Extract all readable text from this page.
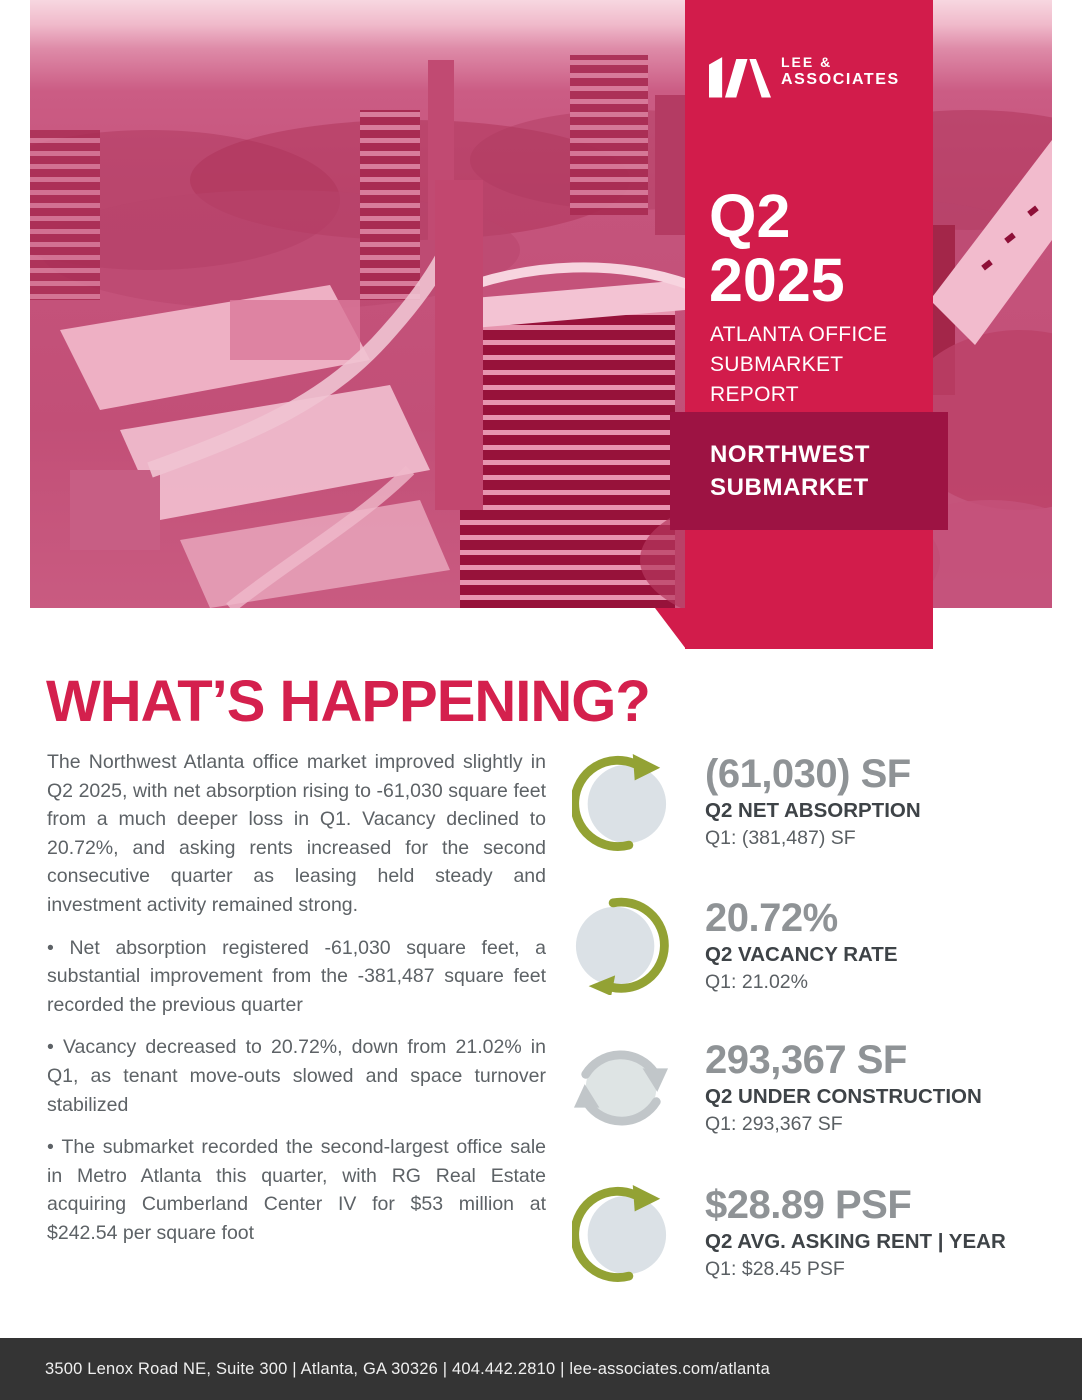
LEE &
ASSOCIATES
Q2
2025
ATLANTA OFFICE SUBMARKET REPORT
NORTHWEST SUBMARKET
WHAT’S HAPPENING?

The Northwest Atlanta office market improved slightly in Q2 2025, with net absorption rising to -61,030 square feet from a much deeper loss in Q1. Vacancy declined to 20.72%, and asking rents increased for the second consecutive quarter as leasing held steady and investment activity remained strong.

• Net absorption registered -61,030 square feet, a substantial improvement from the -381,487 square feet recorded the previous quarter

• Vacancy decreased to 20.72%, down from 21.02% in Q1, as tenant move-outs slowed and space turnover stabilized

• The submarket recorded the second-largest office sale in Metro Atlanta this quarter, with RG Real Estate acquiring Cumberland Center IV for $53 million at $242.54 per square foot

(61,030) SF
Q2 NET ABSORPTION
Q1: (381,487) SF
20.72%
Q2 VACANCY RATE
Q1: 21.02%
293,367 SF
Q2 UNDER CONSTRUCTION
Q1: 293,367 SF
$28.89 PSF
Q2 AVG. ASKING RENT | YEAR
Q1: $28.45 PSF
3500 Lenox Road NE, Suite 300 | Atlanta, GA 30326 | 404.442.2810 | lee-associates.com/atlanta
